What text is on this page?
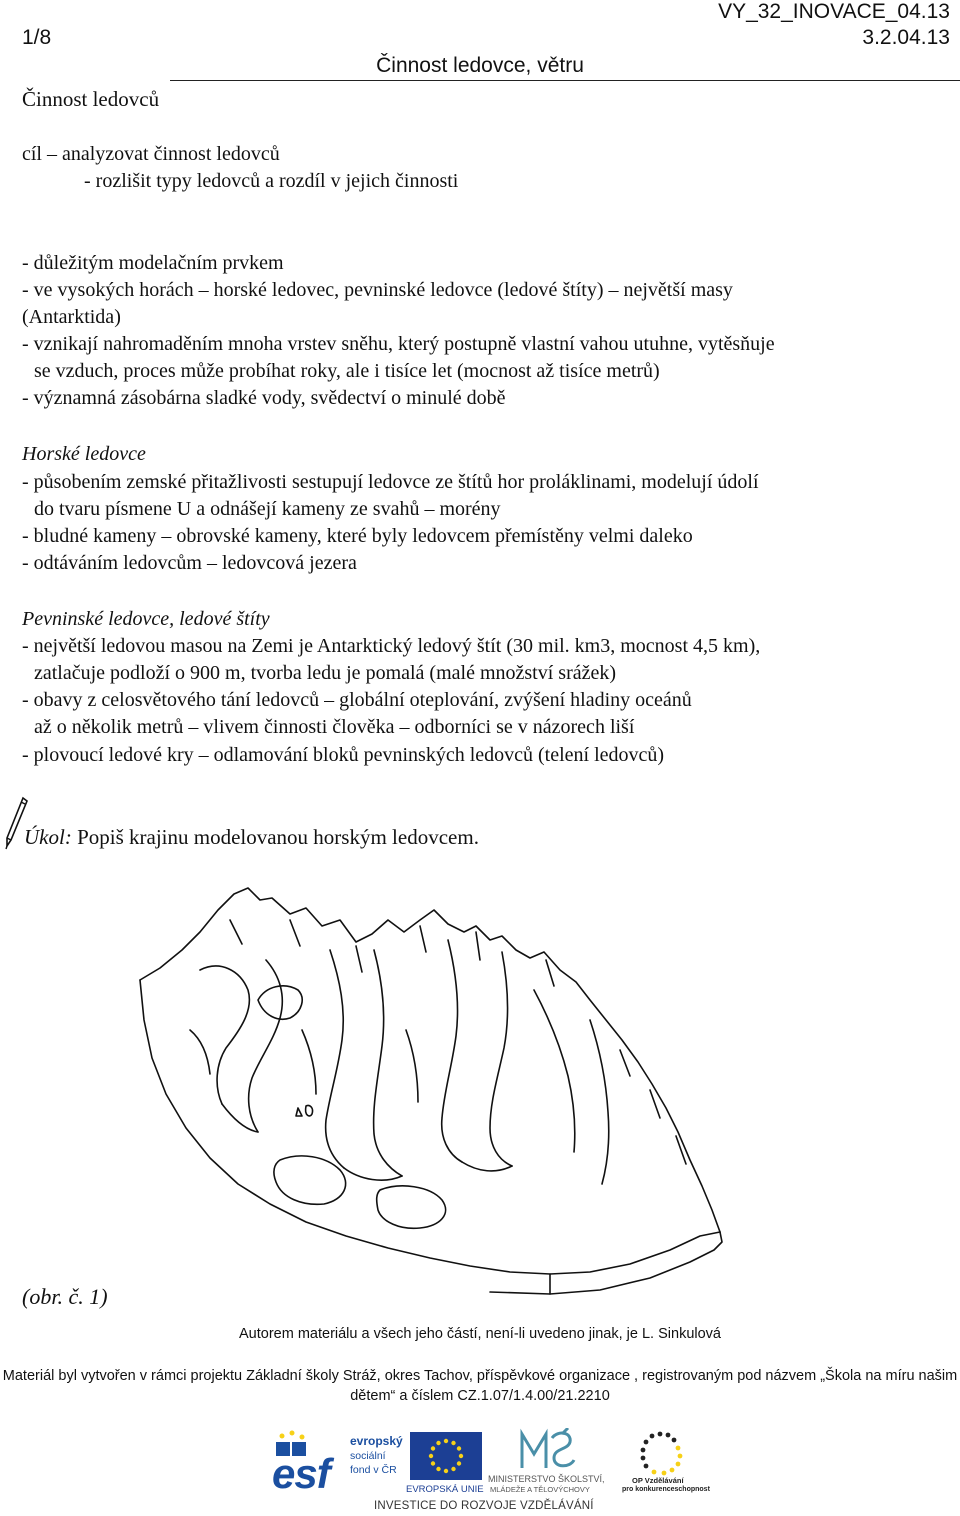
1/8
VY_32_INOVACE_04.13
3.2.04.13
Činnost ledovce, větru
Činnost ledovců
cíl – analyzovat činnost ledovců
- rozlišit typy ledovců a rozdíl v jejich činnosti
- důležitým modelačním prvkem
- ve vysokých horách – horské ledovec, pevninské ledovce (ledové štíty) – největší masy
(Antarktida)
- vznikají nahromaděním mnoha vrstev sněhu, který postupně vlastní vahou utuhne, vytěsňuje
se vzduch, proces může probíhat roky, ale i tisíce let (mocnost až tisíce metrů)
- významná zásobárna sladké vody, svědectví o minulé době
Horské ledovce
- působením zemské přitažlivosti sestupují ledovce ze štítů hor proláklinami, modelují údolí
do tvaru písmene U a odnášejí kameny ze svahů – morény
- bludné kameny – obrovské kameny, které byly ledovcem přemístěny velmi daleko
- odtáváním ledovcům – ledovcová jezera
Pevninské ledovce, ledové štíty
- největší ledovou masou na Zemi je Antarktický ledový štít (30 mil. km3, mocnost 4,5 km),
zatlačuje podloží o 900 m, tvorba ledu je pomalá (malé množství srážek)
- obavy z celosvětového tání ledovců – globální oteplování, zvýšení hladiny oceánů
až o několik metrů – vlivem činnosti člověka – odborníci se v názorech liší
- plovoucí ledové kry – odlamování bloků pevninských ledovců (telení ledovců)
Úkol: Popiš krajinu modelovanou horským ledovcem.
(obr. č. 1)
Autorem materiálu a všech jeho částí, není-li uvedeno jinak, je L. Sinkulová
Materiál byl vytvořen v rámci projektu Základní školy Stráž, okres Tachov, příspěvkové organizace , registrovaným pod názvem „Škola na míru našim dětem“ a číslem CZ.1.07/1.4.00/21.2210
esf
evropský
sociální
fond v ČR
EVROPSKÁ UNIE
MINISTERSTVO ŠKOLSTVÍ,
MLÁDEŽE A TĚLOVÝCHOVY
OP Vzdělávání
pro konkurenceschopnost
INVESTICE DO ROZVOJE VZDĚLÁVÁNÍ
